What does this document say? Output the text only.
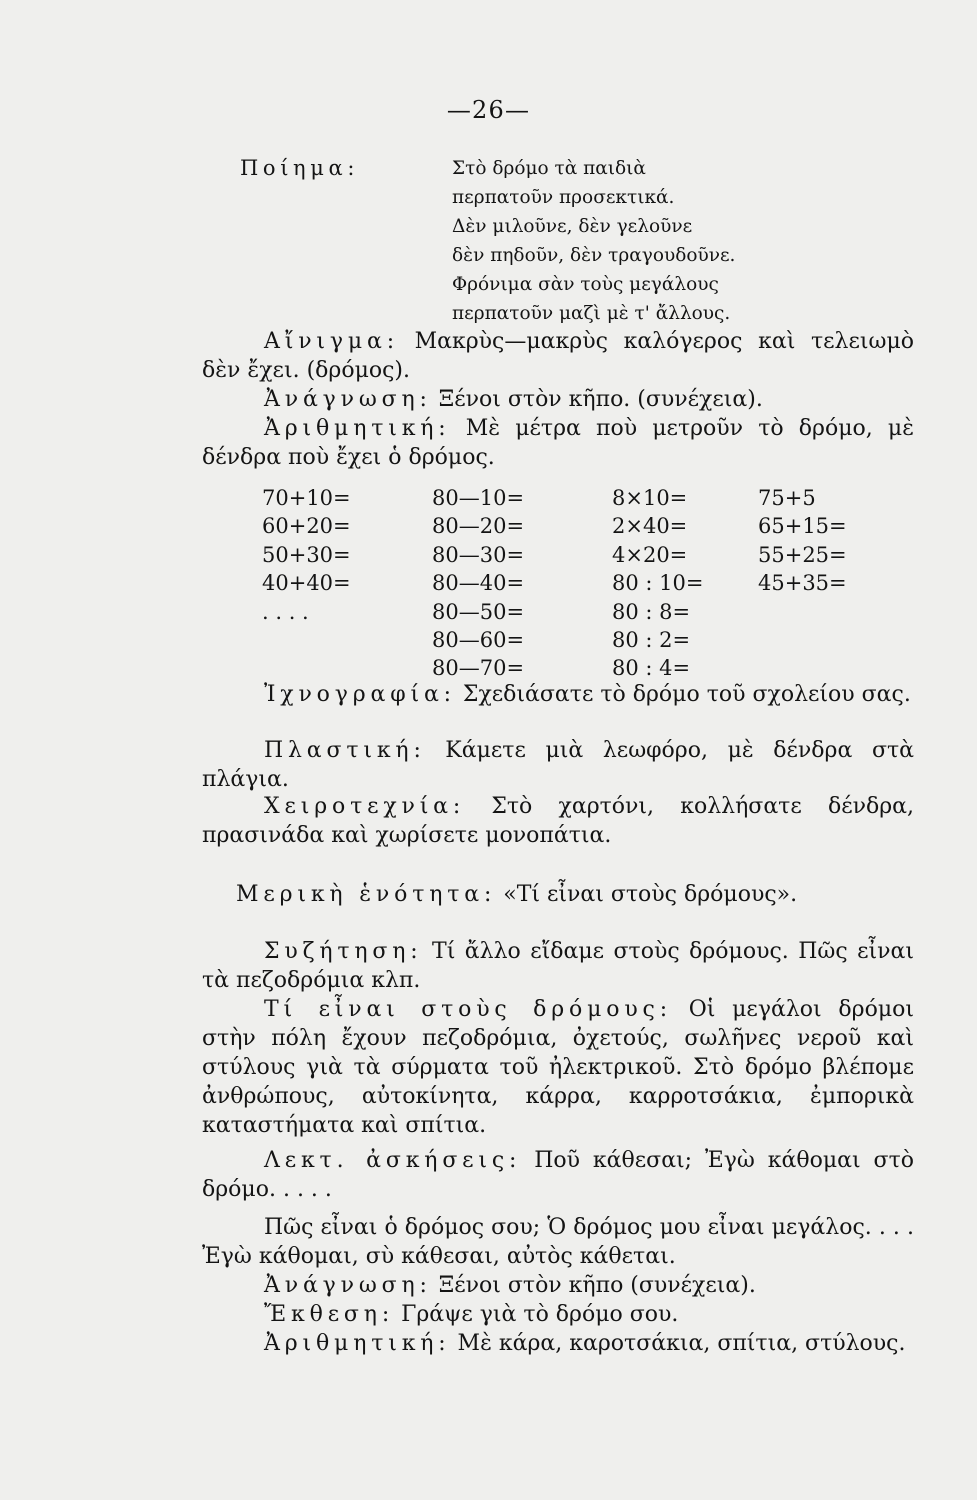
—26—
Ποίημα:	Στὸ δρόμο τὰ παιδιὰ
περπατοῦν προσεκτικά.
Δὲν μιλοῦνε, δὲν γελοῦνε
δὲν πηδοῦν, δὲν τραγουδοῦνε.
Φρόνιμα σὰν τοὺς μεγάλους
περπατοῦν μαζὶ μὲ τ' ἄλλους.
Αἴνιγμα: Μακρὺς—μακρὺς καλόγερος καὶ τελειωμὸ δὲν ἔχει. (δρόμος).
Ἀνάγνωση: Ξένοι στὸν κῆπο. (συνέχεια).
Ἀριθμητική: Μὲ μέτρα ποὺ μετροῦν τὸ δρόμο, μὲ δένδρα ποὺ ἔχει ὁ δρόμος.
70+10=
60+20=
50+30=
40+40=
. . . .
80—10=
80—20=
80—30=
80—40=
80—50=
80—60=
80—70=
8×10=
2×40=
4×20=
80 : 10=
80 : 8=
80 : 2=
80 : 4=
75+5
65+15=
55+25=
45+35=
Ἰχνογραφία: Σχεδιάσατε τὸ δρόμο τοῦ σχολείου σας.
Πλαστική: Κάμετε μιὰ λεωφόρο, μὲ δένδρα στὰ πλάγια.
Χειροτεχνία: Στὸ χαρτόνι, κολλήσατε δένδρα, πρασινάδα καὶ χωρίσετε μονοπάτια.
Μερικὴ ἑνότητα: «Τί εἶναι στοὺς δρόμους».
Συζήτηση: Τί ἄλλο εἴδαμε στοὺς δρόμους. Πῶς εἶναι τὰ πεζοδρόμια κλπ.
Τί εἶναι στοὺς δρόμους: Οἱ μεγάλοι δρόμοι στὴν πόλη ἔχουν πεζοδρόμια, ὀχετούς, σωλῆνες νεροῦ καὶ στύλους γιὰ τὰ σύρματα τοῦ ἠλεκτρικοῦ. Στὸ δρόμο βλέπομε ἀνθρώπους, αὐτοκίνητα, κάρρα, καρροτσάκια, ἐμπορικὰ καταστήματα καὶ σπίτια.
Λεκτ. ἀσκήσεις: Ποῦ κάθεσαι; Ἐγὼ κάθομαι στὸ δρόμο. . . . .
Πῶς εἶναι ὁ δρόμος σου; Ὁ δρόμος μου εἶναι μεγάλος. . . . Ἐγὼ κάθομαι, σὺ κάθεσαι, αὐτὸς κάθεται.
Ἀνάγνωση: Ξένοι στὸν κῆπο (συνέχεια).
Ἔκθεση: Γράψε γιὰ τὸ δρόμο σου.
Ἀριθμητική: Μὲ κάρα, καροτσάκια, σπίτια, στύλους.
